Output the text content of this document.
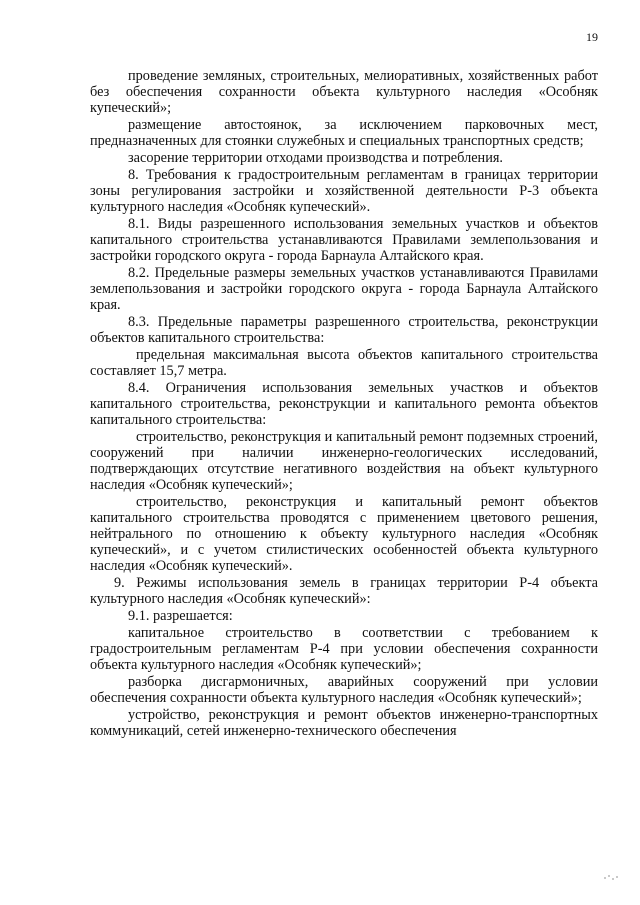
19

проведение земляных, строительных, мелиоративных, хозяйственных работ без обеспечения сохранности объекта культурного наследия «Особняк купеческий»;

размещение автостоянок, за исключением парковочных мест, предназначенных для стоянки служебных и специальных транспортных средств;

засорение территории отходами производства и потребления.

8. Требования к градостроительным регламентам в границах территории зоны регулирования застройки и хозяйственной деятельности Р-3 объекта культурного наследия «Особняк купеческий».

8.1. Виды разрешенного использования земельных участков и объектов капитального строительства устанавливаются Правилами землепользования и застройки городского округа - города Барнаула Алтайского края.

8.2. Предельные размеры земельных участков устанавливаются Правилами землепользования и застройки городского округа - города Барнаула Алтайского края.

8.3. Предельные параметры разрешенного строительства, реконструкции объектов капитального строительства:

предельная максимальная высота объектов капитального строительства составляет 15,7 метра.

8.4. Ограничения использования земельных участков и объектов капитального строительства, реконструкции и капитального ремонта объектов капитального строительства:

строительство, реконструкция и капитальный ремонт подземных строений, сооружений при наличии инженерно-геологических исследований, подтверждающих отсутствие негативного воздействия на объект культурного наследия «Особняк купеческий»;

строительство, реконструкция и капитальный ремонт объектов капитального строительства проводятся с применением цветового решения, нейтрального по отношению к объекту культурного наследия «Особняк купеческий», и с учетом стилистических особенностей объекта культурного наследия «Особняк купеческий».

9. Режимы использования земель в границах территории Р-4 объекта культурного наследия «Особняк купеческий»:

9.1. разрешается:

капитальное строительство в соответствии с требованием к градостроительным регламентам Р-4 при условии обеспечения сохранности объекта культурного наследия «Особняк купеческий»;

разборка дисгармоничных, аварийных сооружений при условии обеспечения сохранности объекта культурного наследия «Особняк купеческий»;

устройство, реконструкция и ремонт объектов инженерно-транспортных коммуникаций, сетей инженерно-технического обеспечения
